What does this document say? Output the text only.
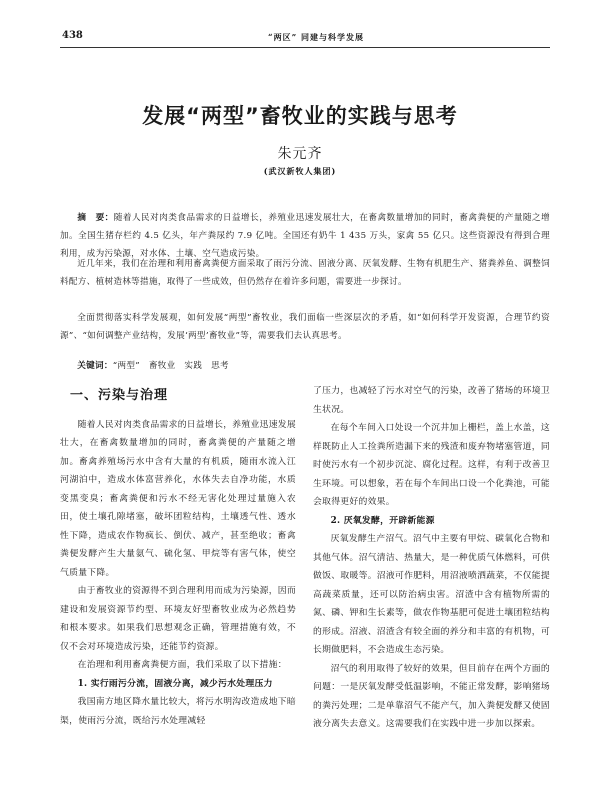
438	“两区” 同建与科学发展
发展“两型”畜牧业的实践与思考
朱元齐
(武汉新牧人集团)
摘　要：随着人民对肉类食品需求的日益增长，养殖业迅速发展壮大，在畜禽数量增加的同时，畜禽粪便的产量随之增加。全国生猪存栏约 4.5 亿头，年产粪尿约 7.9 亿吨。全国还有奶牛 1 435 万头，家禽 55 亿只。这些资源没有得到合理利用，成为污染源，对水体、土壤、空气造成污染。
近几年来，我们在治理和利用畜禽粪便方面采取了雨污分流、固液分离、厌氧发酵、生物有机肥生产、猪粪养鱼、调整饲料配方、植树造林等措施，取得了一些成效，但仍然存在着许多问题，需要进一步探讨。
全面贯彻落实科学发展观，如何发展“两型”畜牧业，我们面临一些深层次的矛盾，如“如何科学开发资源，合理节约资源”、“如何调整产业结构，发展‘两型’畜牧业”等，需要我们去认真思考。
关键词：“两型”　畜牧业　实践　思考

一、污染与治理

随着人民对肉类食品需求的日益增长，养殖业迅速发展壮大，在畜禽数量增加的同时，畜禽粪便的产量随之增加。畜禽养殖场污水中含有大量的有机质，随雨水流入江河湖泊中，造成水体富营养化，水体失去自净功能，水质变黑变臭；畜禽粪便和污水不经无害化处理过量施入农田，使土壤孔隙堵塞，破坏团粒结构，土壤透气性、透水性下降，造成农作物疯长、倒伏、减产，甚至绝收；畜禽粪便发酵产生大量氨气、硫化氢、甲烷等有害气体，使空气质量下降。

由于畜牧业的资源得不到合理利用而成为污染源，因而建设和发展资源节约型、环境友好型畜牧业成为必然趋势和根本要求。如果我们思想观念正确，管理措施有效，不仅不会对环境造成污染，还能节约资源。

在治理和利用畜禽粪便方面，我们采取了以下措施：

1. 实行雨污分流，固液分离，减少污水处理压力

我国南方地区降水量比较大，将污水明沟改造成地下暗渠，使雨污分流，既给污水处理减轻

了压力，也减轻了污水对空气的污染，改善了猪场的环境卫生状况。

在每个车间入口处设一个沉井加上栅栏，盖上水盖，这样既防止人工捡粪所造漏下来的残渣和废弃物堵塞管道，同时使污水有一个初步沉淀、腐化过程。这样，有利于改善卫生环境。可以想象，若在每个车间出口设一个化粪池，可能会取得更好的效果。

2. 厌氧发酵，开辟新能源

厌氧发酵生产沼气。沼气中主要有甲烷、碳氧化合物和其他气体。沼气清洁、热量大，是一种优质气体燃料，可供做饭、取暖等。沼液可作肥料，用沼液喷洒蔬菜，不仅能提高蔬菜质量，还可以防治病虫害。沼渣中含有植物所需的氮、磷、钾和生长素等，做农作物基肥可促进土壤团粒结构的形成。沼液、沼渣含有较全面的养分和丰富的有机物，可长期做肥料，不会造成生态污染。

沼气的利用取得了较好的效果，但目前存在两个方面的问题：一是厌氧发酵受低温影响，不能正常发酵，影响猪场的粪污处理；二是单靠沼气不能产气，加入粪便发酵又使固液分离失去意义。这需要我们在实践中进一步加以探索。
